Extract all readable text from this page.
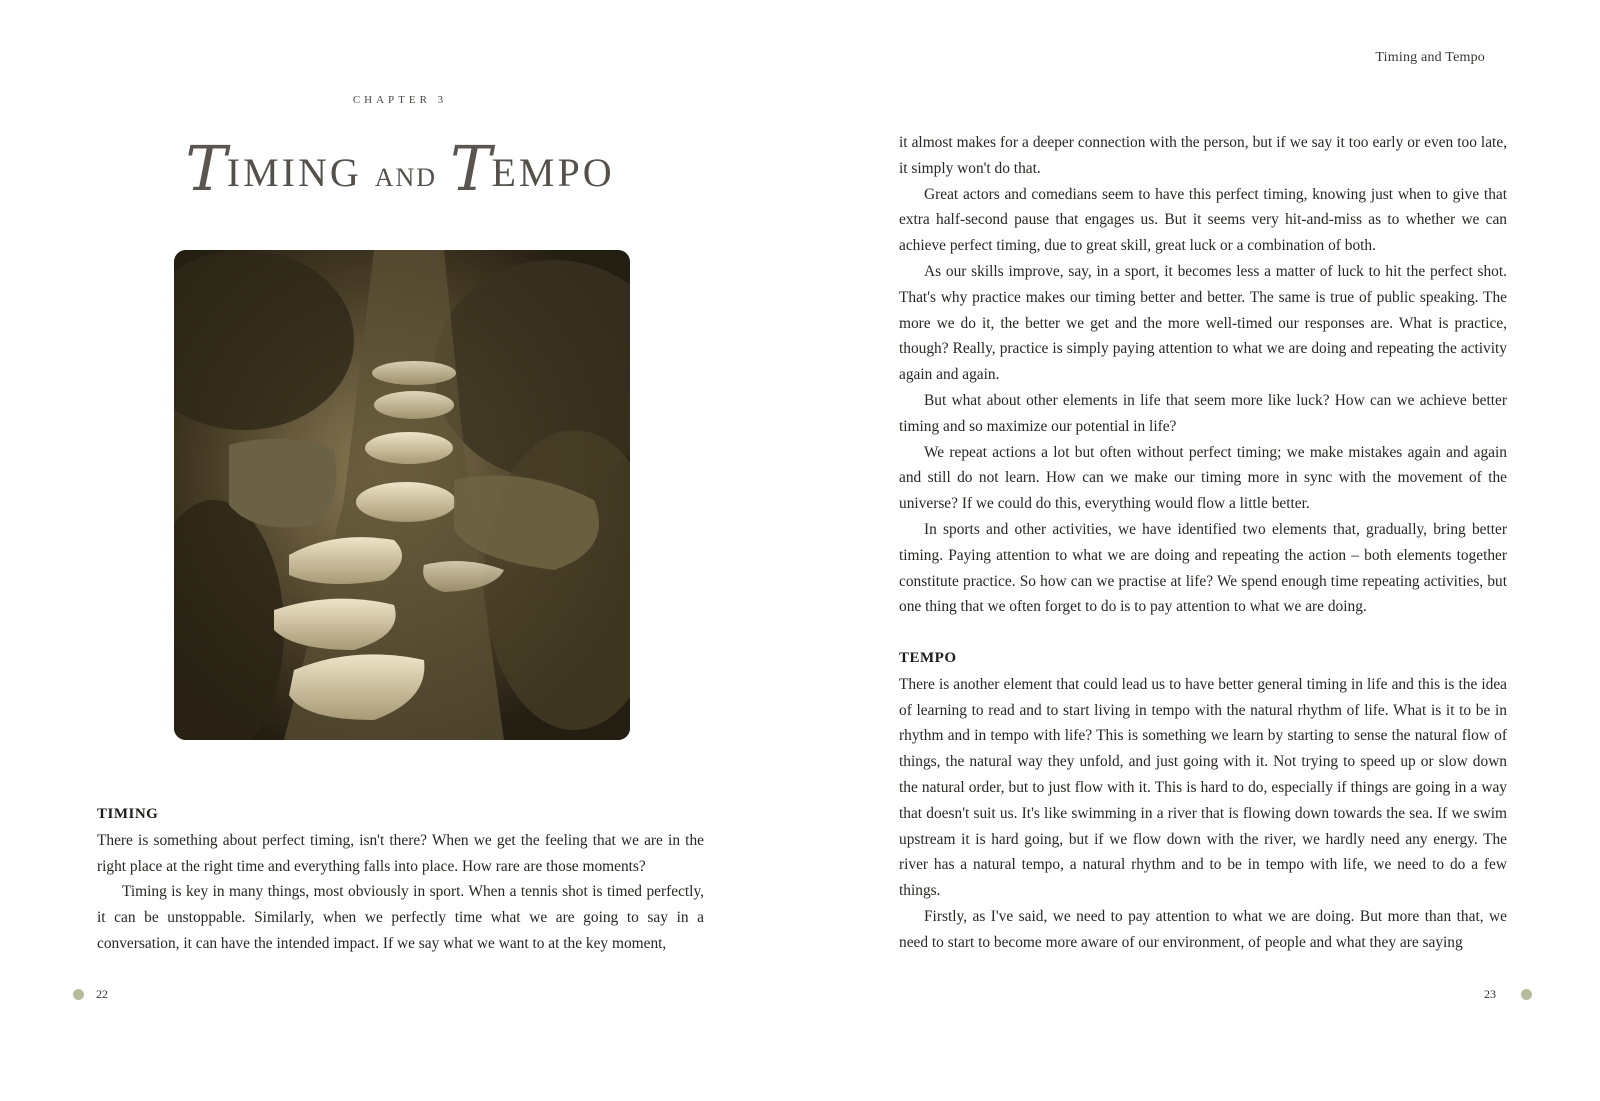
CHAPTER 3
TIMING AND TEMPO
TIMING

There is something about perfect timing, isn't there? When we get the feeling that we are in the right place at the right time and everything falls into place. How rare are those moments?

Timing is key in many things, most obviously in sport. When a tennis shot is timed perfectly, it can be unstoppable. Similarly, when we perfectly time what we are going to say in a conversation, it can have the intended impact. If we say what we want to at the key moment,

22
Timing and Tempo

it almost makes for a deeper connection with the person, but if we say it too early or even too late, it simply won't do that.

Great actors and comedians seem to have this perfect timing, knowing just when to give that extra half-second pause that engages us. But it seems very hit-and-miss as to whether we can achieve perfect timing, due to great skill, great luck or a combination of both.

As our skills improve, say, in a sport, it becomes less a matter of luck to hit the perfect shot. That's why practice makes our timing better and better. The same is true of public speaking. The more we do it, the better we get and the more well-timed our responses are. What is practice, though? Really, practice is simply paying attention to what we are doing and repeating the activity again and again.

But what about other elements in life that seem more like luck? How can we achieve better timing and so maximize our potential in life?

We repeat actions a lot but often without perfect timing; we make mistakes again and again and still do not learn. How can we make our timing more in sync with the movement of the universe? If we could do this, everything would flow a little better.

In sports and other activities, we have identified two elements that, gradually, bring better timing. Paying attention to what we are doing and repeating the action – both elements together constitute practice. So how can we practise at life? We spend enough time repeating activities, but one thing that we often forget to do is to pay attention to what we are doing.

TEMPO

There is another element that could lead us to have better general timing in life and this is the idea of learning to read and to start living in tempo with the natural rhythm of life. What is it to be in rhythm and in tempo with life? This is something we learn by starting to sense the natural flow of things, the natural way they unfold, and just going with it. Not trying to speed up or slow down the natural order, but to just flow with it. This is hard to do, especially if things are going in a way that doesn't suit us. It's like swimming in a river that is flowing down towards the sea. If we swim upstream it is hard going, but if we flow down with the river, we hardly need any energy. The river has a natural tempo, a natural rhythm and to be in tempo with life, we need to do a few things.

Firstly, as I've said, we need to pay attention to what we are doing. But more than that, we need to start to become more aware of our environment, of people and what they are saying

23
